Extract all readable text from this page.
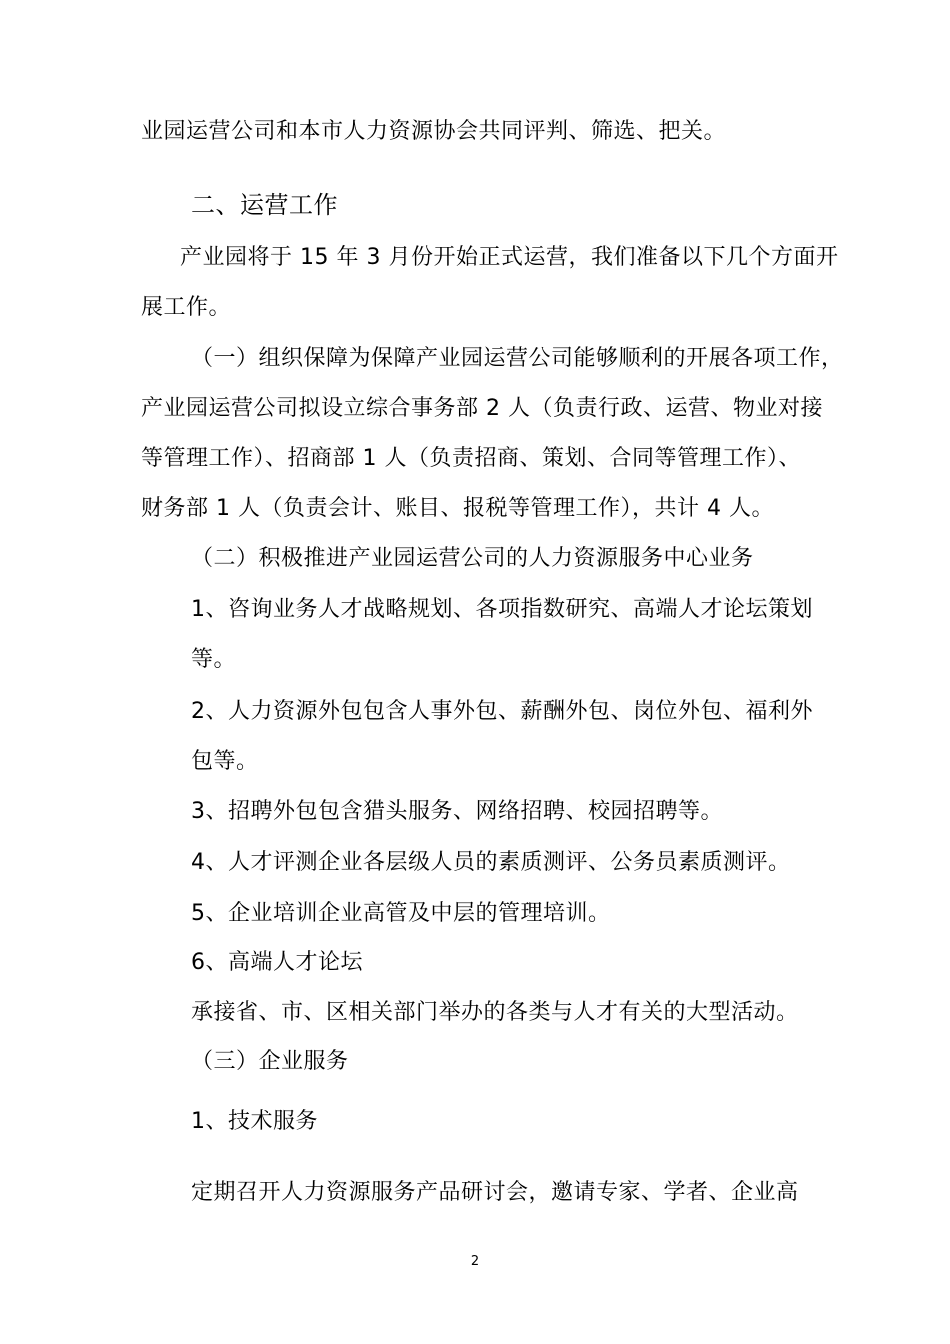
业园运营公司和本市人力资源协会共同评判、筛选、把关。
二、运营工作
产业园将于 15 年 3 月份开始正式运营，我们准备以下几个方面开
展工作。
（一）组织保障为保障产业园运营公司能够顺利的开展各项工作，
产业园运营公司拟设立综合事务部 2 人（负责行政、运营、物业对接
等管理工作）、招商部 1 人（负责招商、策划、合同等管理工作）、
财务部 1 人（负责会计、账目、报税等管理工作），共计 4 人。
（二）积极推进产业园运营公司的人力资源服务中心业务
1、咨询业务人才战略规划、各项指数研究、高端人才论坛策划
等。
2、人力资源外包包含人事外包、薪酬外包、岗位外包、福利外
包等。
3、招聘外包包含猎头服务、网络招聘、校园招聘等。
4、人才评测企业各层级人员的素质测评、公务员素质测评。
5、企业培训企业高管及中层的管理培训。
6、高端人才论坛
承接省、市、区相关部门举办的各类与人才有关的大型活动。
（三）企业服务
1、技术服务
定期召开人力资源服务产品研讨会，邀请专家、学者、企业高
2
